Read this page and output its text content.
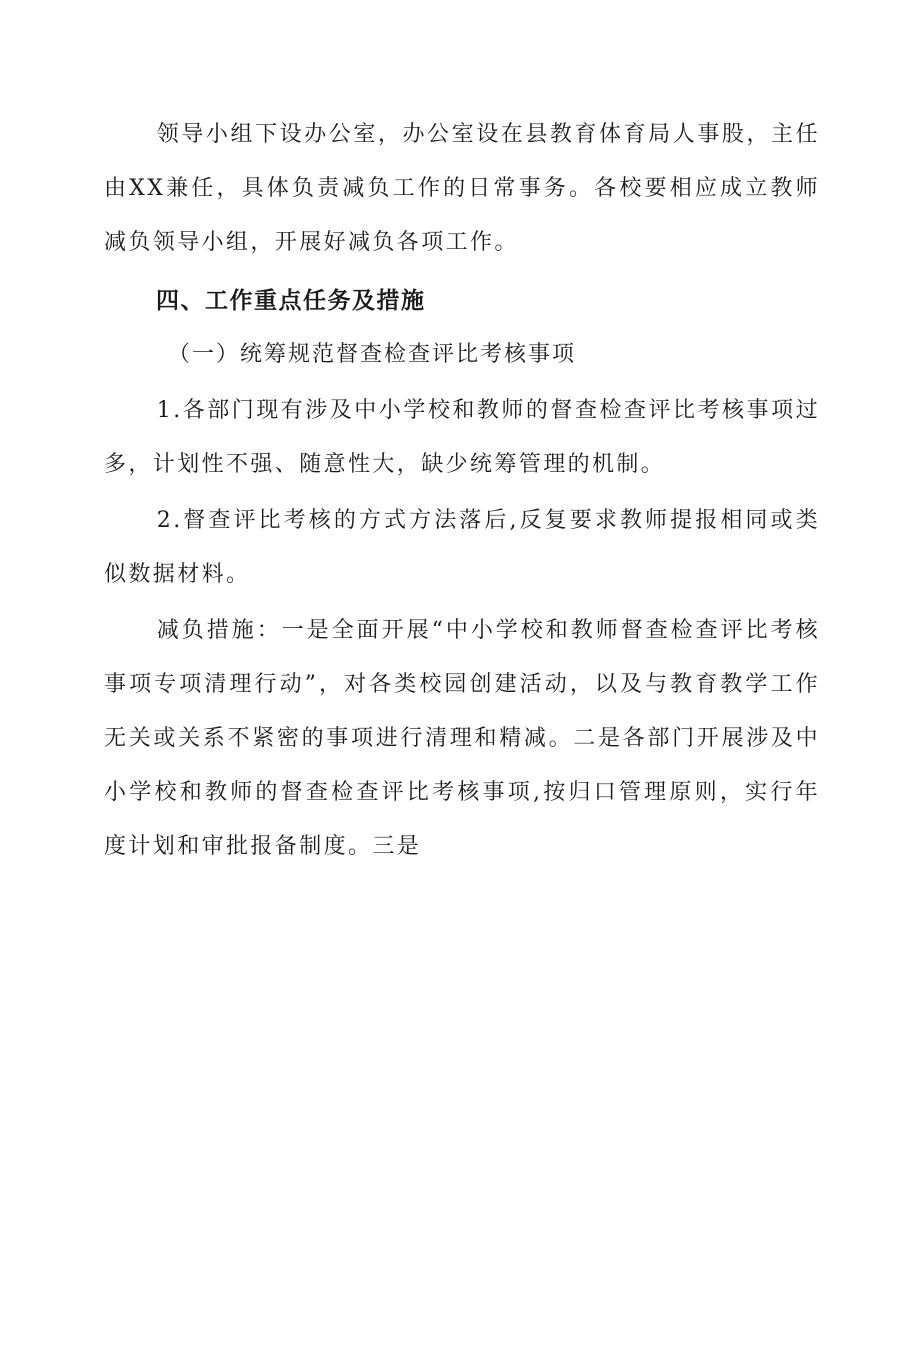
领导小组下设办公室，办公室设在县教育体育局人事股，主任由XX兼任，具体负责减负工作的日常事务。各校要相应成立教师减负领导小组，开展好减负各项工作。

四、工作重点任务及措施

（一）统筹规范督查检查评比考核事项

1.各部门现有涉及中小学校和教师的督查检查评比考核事项过多，计划性不强、随意性大，缺少统筹管理的机制。

2.督查评比考核的方式方法落后,反复要求教师提报相同或类似数据材料。

减负措施：一是全面开展“中小学校和教师督查检查评比考核事项专项清理行动”，对各类校园创建活动，以及与教育教学工作无关或关系不紧密的事项进行清理和精减。二是各部门开展涉及中小学校和教师的督查检查评比考核事项,按归口管理原则，实行年度计划和审批报备制度。三是
